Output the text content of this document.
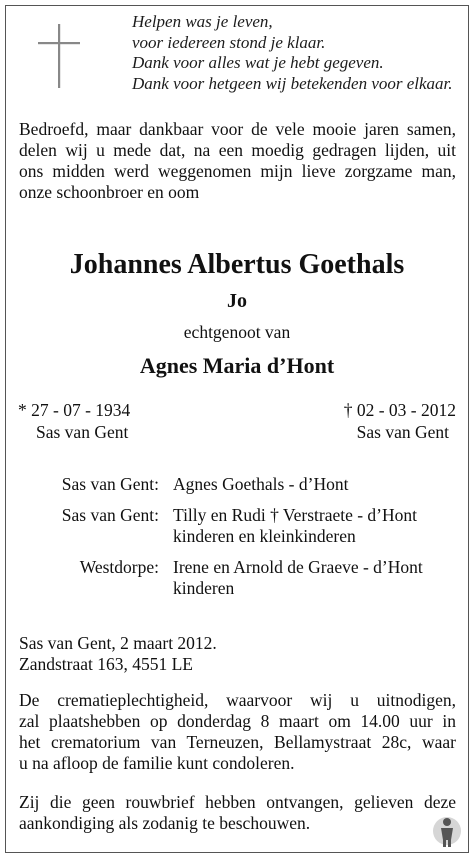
Helpen was je leven,
voor iedereen stond je klaar.
Dank voor alles wat je hebt gegeven.
Dank voor hetgeen wij betekenden voor elkaar.
Bedroefd, maar dankbaar voor de vele mooie jaren samen,
delen wij u mede dat, na een moedig gedragen lijden, uit
ons midden werd weggenomen mijn lieve zorgzame man,
onze schoonbroer en oom
Johannes Albertus Goethals
Jo
echtgenoot van
Agnes Maria d’Hont
* 27 - 07 - 1934
Sas van Gent
† 02 - 03 - 2012
Sas van Gent
Sas van Gent:	Agnes Goethals - d’Hont

Sas van Gent:	Tilly en Rudi † Verstraete - d’Hont
kinderen en kleinkinderen

Westdorpe:	Irene en Arnold de Graeve - d’Hont
kinderen
Sas van Gent, 2 maart 2012.
Zandstraat 163, 4551 LE
De crematieplechtigheid, waarvoor wij u uitnodigen,
zal plaatshebben op donderdag 8 maart om 14.00 uur in
het crematorium van Terneuzen, Bellamystraat 28c, waar
u na afloop de familie kunt condoleren.
Zij die geen rouwbrief hebben ontvangen, gelieven deze
aankondiging als zodanig te beschouwen.
